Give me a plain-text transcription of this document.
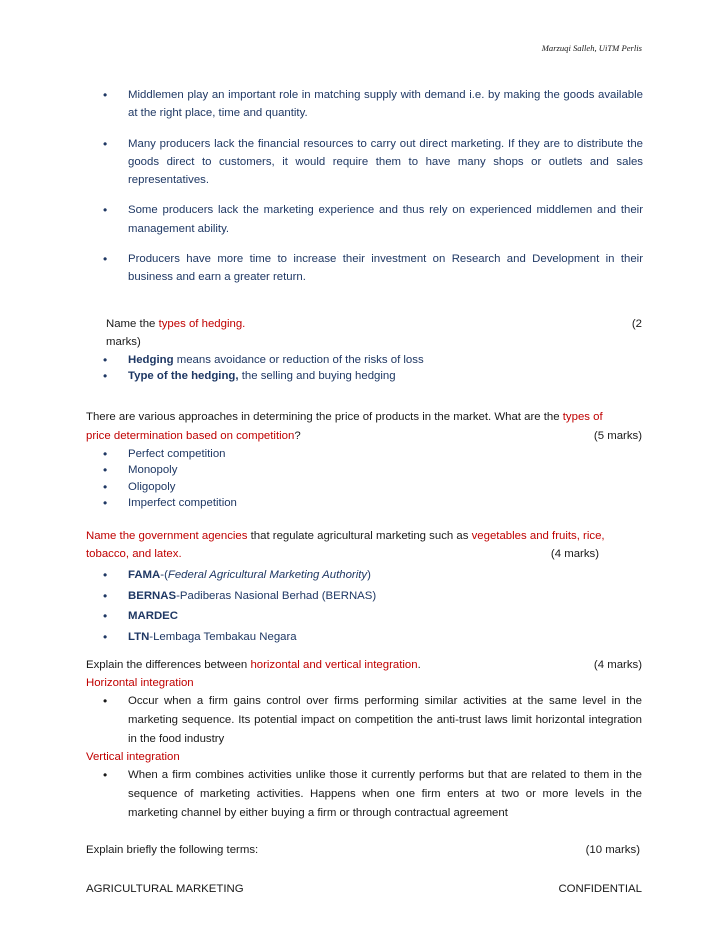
Marzuqi Salleh, UiTM Perlis
• Middlemen play an important role in matching supply with demand i.e. by making the goods available at the right place, time and quantity.
• Many producers lack the financial resources to carry out direct marketing. If they are to distribute the goods direct to customers, it would require them to have many shops or outlets and sales representatives.
• Some producers lack the marketing experience and thus rely on experienced middlemen and their management ability.
• Producers have more time to increase their investment on Research and Development in their business and earn a greater return.
Name the types of hedging.	(2
marks)
• Hedging means avoidance or reduction of the risks of loss
• Type of the hedging, the selling and buying hedging
There are various approaches in determining the price of products in the market. What are the types of
price determination based on competition?	(5 marks)
• Perfect competition
• Monopoly
• Oligopoly
• Imperfect competition
Name the government agencies that regulate agricultural marketing such as vegetables and fruits, rice,
tobacco, and latex.	(4 marks)
• FAMA-(Federal Agricultural Marketing Authority)
• BERNAS-Padiberas Nasional Berhad (BERNAS)
• MARDEC
• LTN-Lembaga Tembakau Negara
Explain the differences between horizontal and vertical integration.	(4 marks)
Horizontal integration
• Occur when a firm gains control over firms performing similar activities at the same level in the marketing sequence. Its potential impact on competition the anti-trust laws limit horizontal integration in the food industry
Vertical integration
• When a firm combines activities unlike those it currently performs but that are related to them in the sequence of marketing activities. Happens when one firm enters at two or more levels in the marketing channel by either buying a firm or through contractual agreement
Explain briefly the following terms:	(10 marks)
AGRICULTURAL MARKETING	CONFIDENTIAL
